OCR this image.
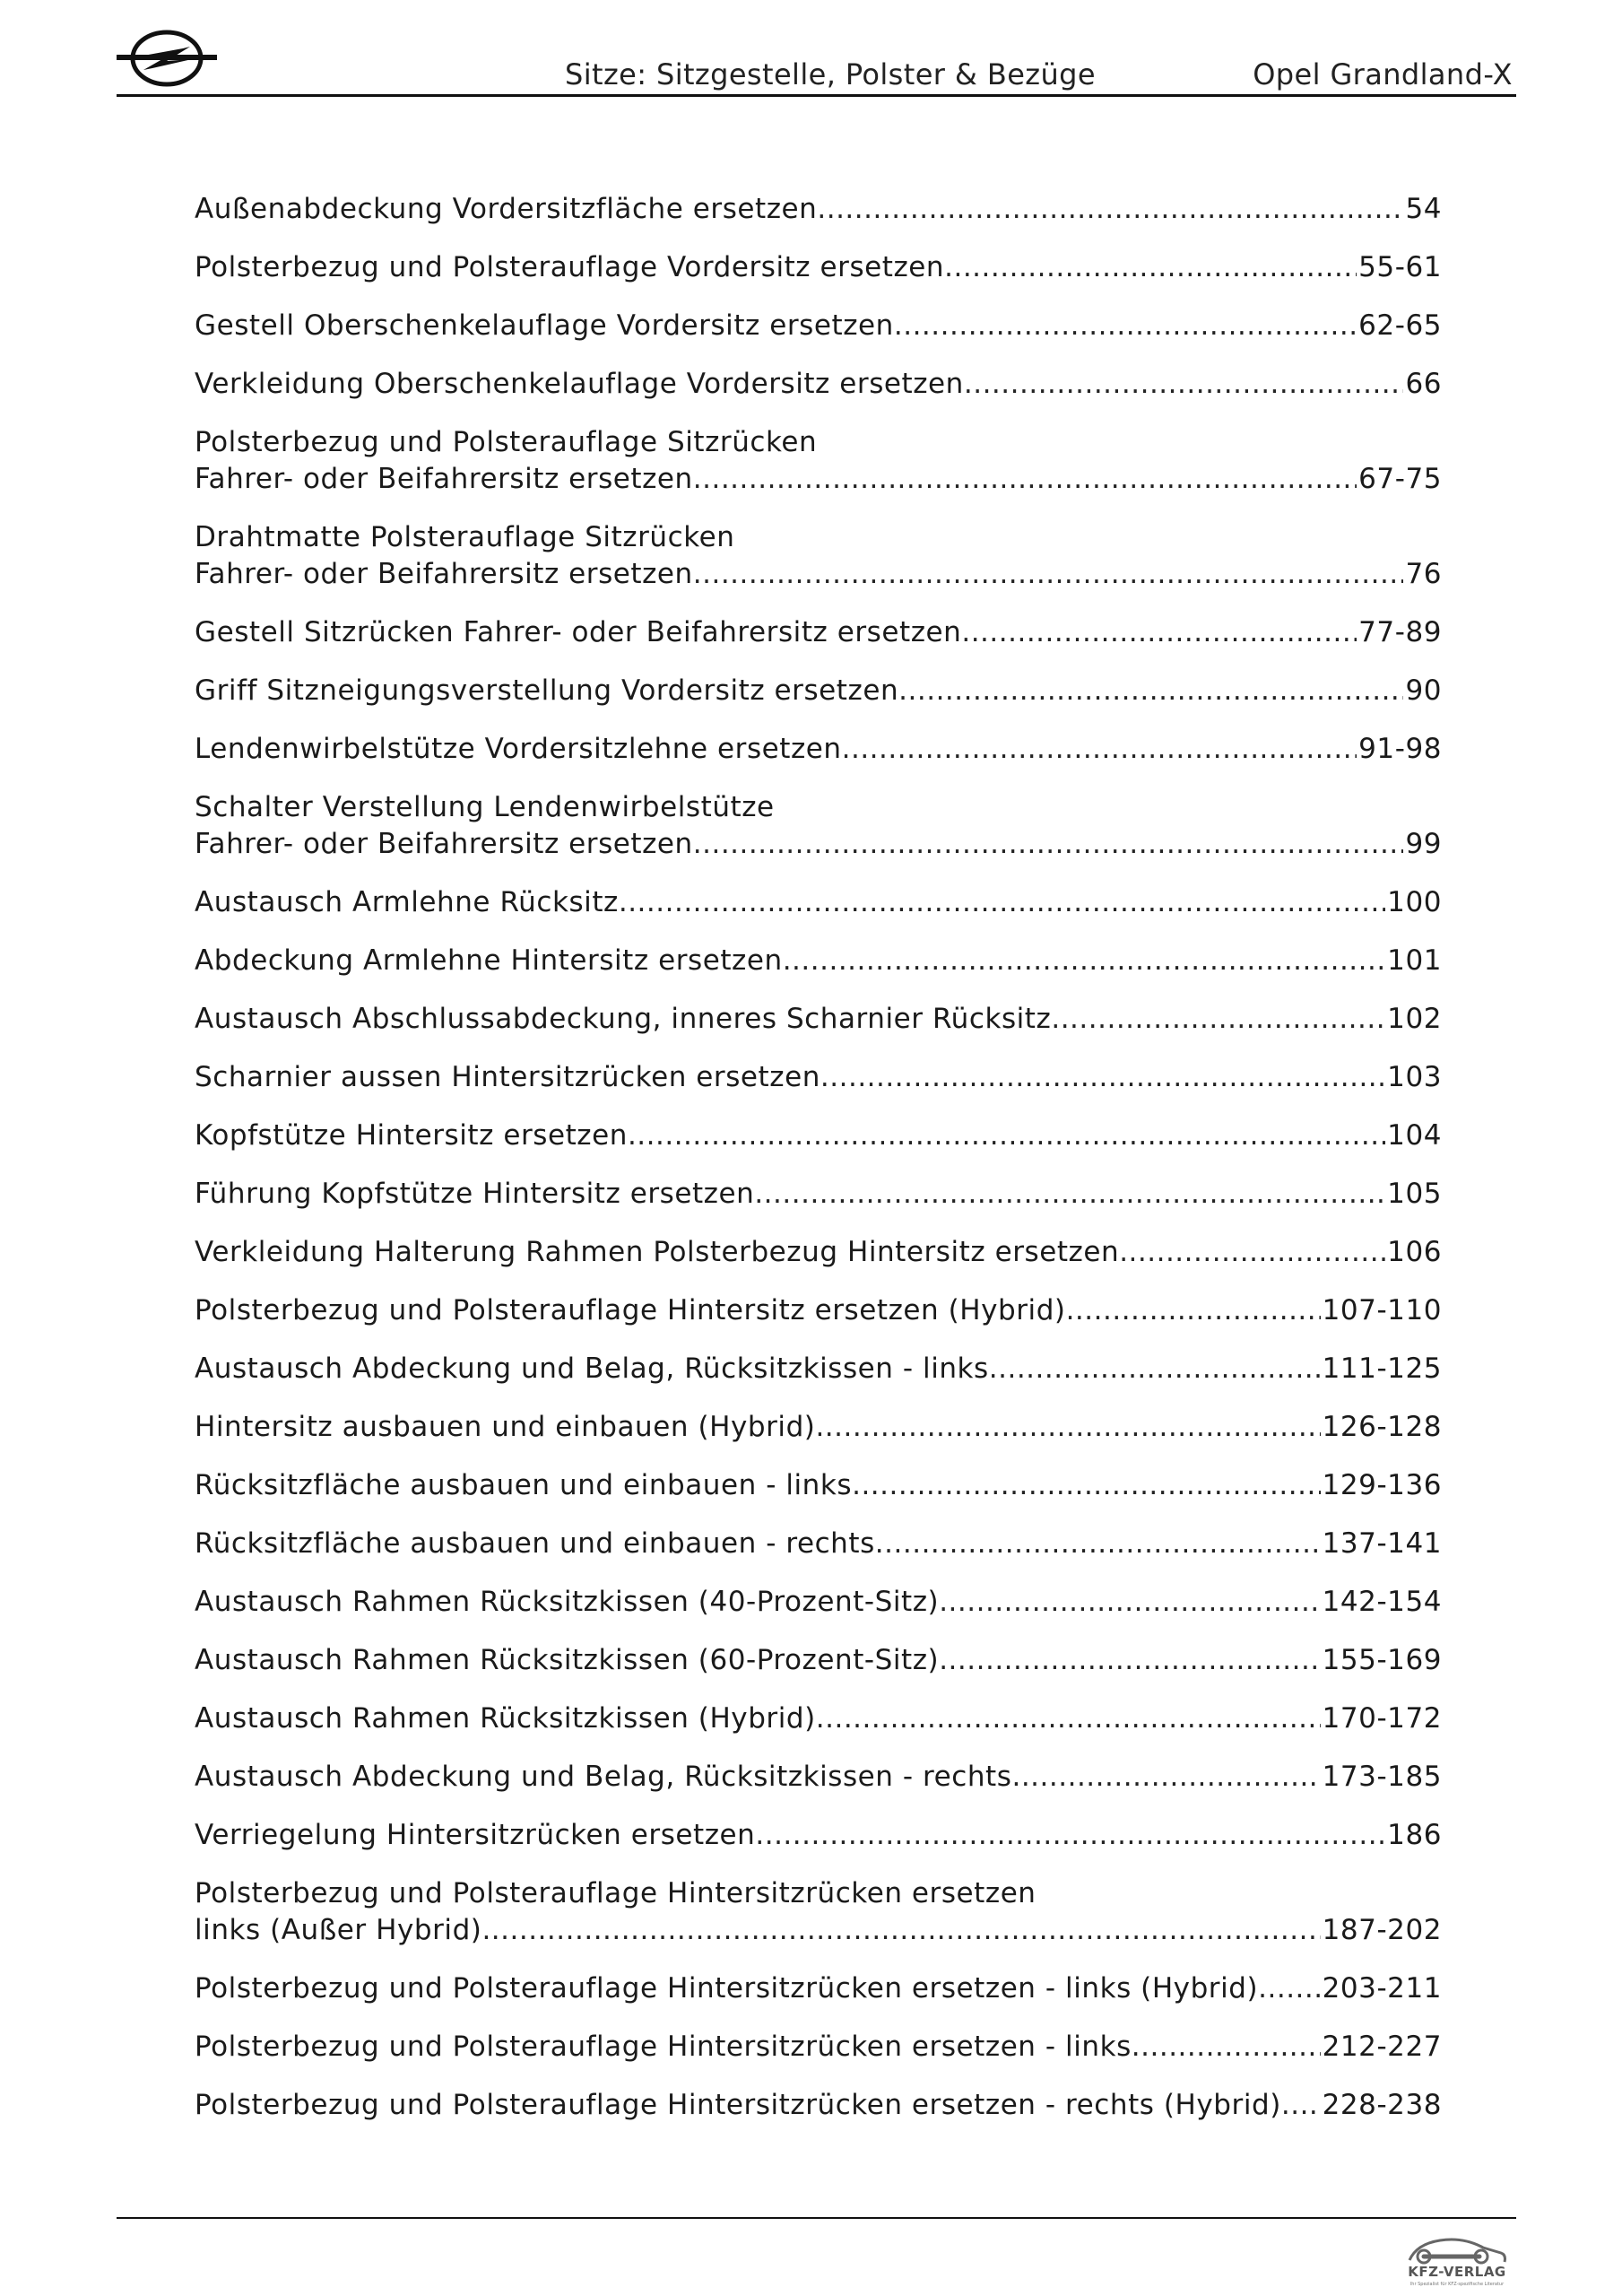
Sitze: Sitzgestelle, Polster & Bezüge	Opel Grandland-X
Außenabdeckung Vordersitzfläche ersetzen .....	54
Polsterbezug und Polsterauflage Vordersitz ersetzen .....	55-61
Gestell Oberschenkelauflage Vordersitz ersetzen .....	62-65
Verkleidung Oberschenkelauflage Vordersitz ersetzen .....	66
Polsterbezug und Polsterauflage Sitzrücken
Fahrer- oder Beifahrersitz ersetzen .....	67-75
Drahtmatte Polsterauflage Sitzrücken
Fahrer- oder Beifahrersitz ersetzen .....	76
Gestell Sitzrücken Fahrer- oder Beifahrersitz ersetzen .....	77-89
Griff Sitzneigungsverstellung Vordersitz ersetzen .....	90
Lendenwirbelstütze Vordersitzlehne ersetzen .....	91-98
Schalter Verstellung Lendenwirbelstütze
Fahrer- oder Beifahrersitz ersetzen .....	99
Austausch Armlehne Rücksitz .....	100
Abdeckung Armlehne Hintersitz ersetzen .....	101
Austausch Abschlussabdeckung, inneres Scharnier Rücksitz .....	102
Scharnier aussen Hintersitzrücken ersetzen .....	103
Kopfstütze Hintersitz ersetzen .....	104
Führung Kopfstütze Hintersitz ersetzen .....	105
Verkleidung Halterung Rahmen Polsterbezug Hintersitz ersetzen .....	106
Polsterbezug und Polsterauflage Hintersitz ersetzen (Hybrid) .....	107-110
Austausch Abdeckung und Belag, Rücksitzkissen - links .....	111-125
Hintersitz ausbauen und einbauen (Hybrid) .....	126-128
Rücksitzfläche ausbauen und einbauen - links .....	129-136
Rücksitzfläche ausbauen und einbauen - rechts .....	137-141
Austausch Rahmen Rücksitzkissen (40-Prozent-Sitz) .....	142-154
Austausch Rahmen Rücksitzkissen (60-Prozent-Sitz) .....	155-169
Austausch Rahmen Rücksitzkissen (Hybrid) .....	170-172
Austausch Abdeckung und Belag, Rücksitzkissen - rechts .....	173-185
Verriegelung Hintersitzrücken ersetzen .....	186
Polsterbezug und Polsterauflage Hintersitzrücken ersetzen
links (Außer Hybrid) .....	187-202
Polsterbezug und Polsterauflage Hintersitzrücken ersetzen - links (Hybrid) ..... 203-211
Polsterbezug und Polsterauflage Hintersitzrücken ersetzen - links .....	212-227
Polsterbezug und Polsterauflage Hintersitzrücken ersetzen - rechts (Hybrid) ..... 228-238
KFZ-VERLAG
Ihr Spezialist für KFZ-spezifische Literatur
